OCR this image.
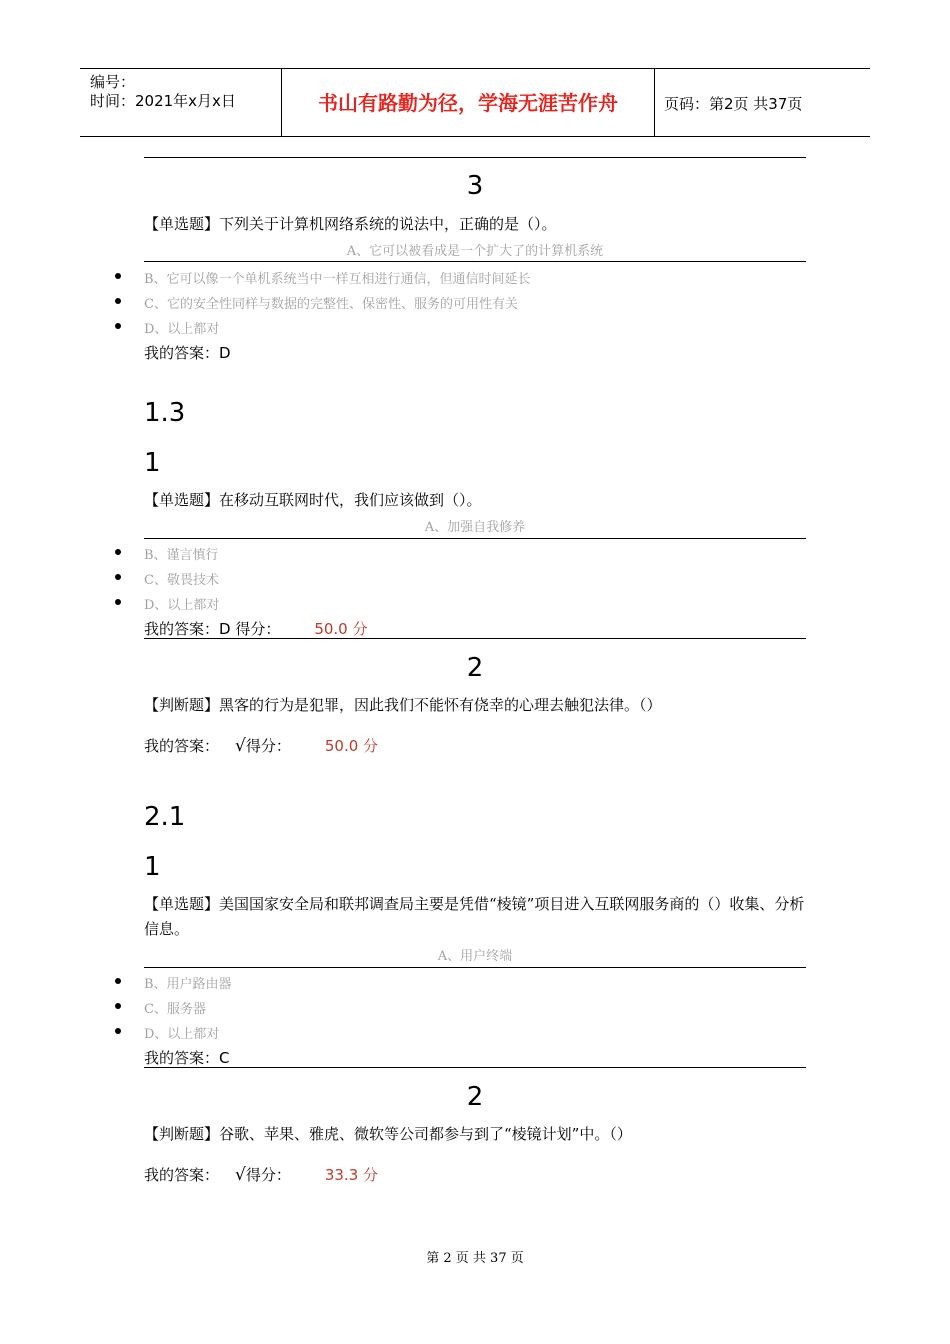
编号：
时间：2021年x月x日	书山有路勤为径，学海无涯苦作舟	页码：第2页 共37页
3
【单选题】下列关于计算机网络系统的说法中，正确的是（）。
A、它可以被看成是一个扩大了的计算机系统
B、它可以像一个单机系统当中一样互相进行通信，但通信时间延长
C、它的安全性同样与数据的完整性、保密性、服务的可用性有关
D、以上都对
我的答案：D
1.3
1
【单选题】在移动互联网时代，我们应该做到（）。
A、加强自我修养
B、谨言慎行
C、敬畏技术
D、以上都对
我的答案：D 得分： 50.0 分
2
【判断题】黑客的行为是犯罪，因此我们不能怀有侥幸的心理去触犯法律。（）
我的答案： √得分： 50.0 分
2.1
1
【单选题】美国国家安全局和联邦调查局主要是凭借“棱镜”项目进入互联网服务商的（）收集、分析信息。
A、用户终端
B、用户路由器
C、服务器
D、以上都对
我的答案：C
2
【判断题】谷歌、苹果、雅虎、微软等公司都参与到了“棱镜计划”中。（）
我的答案： √得分： 33.3 分
第 2 页 共 37 页
